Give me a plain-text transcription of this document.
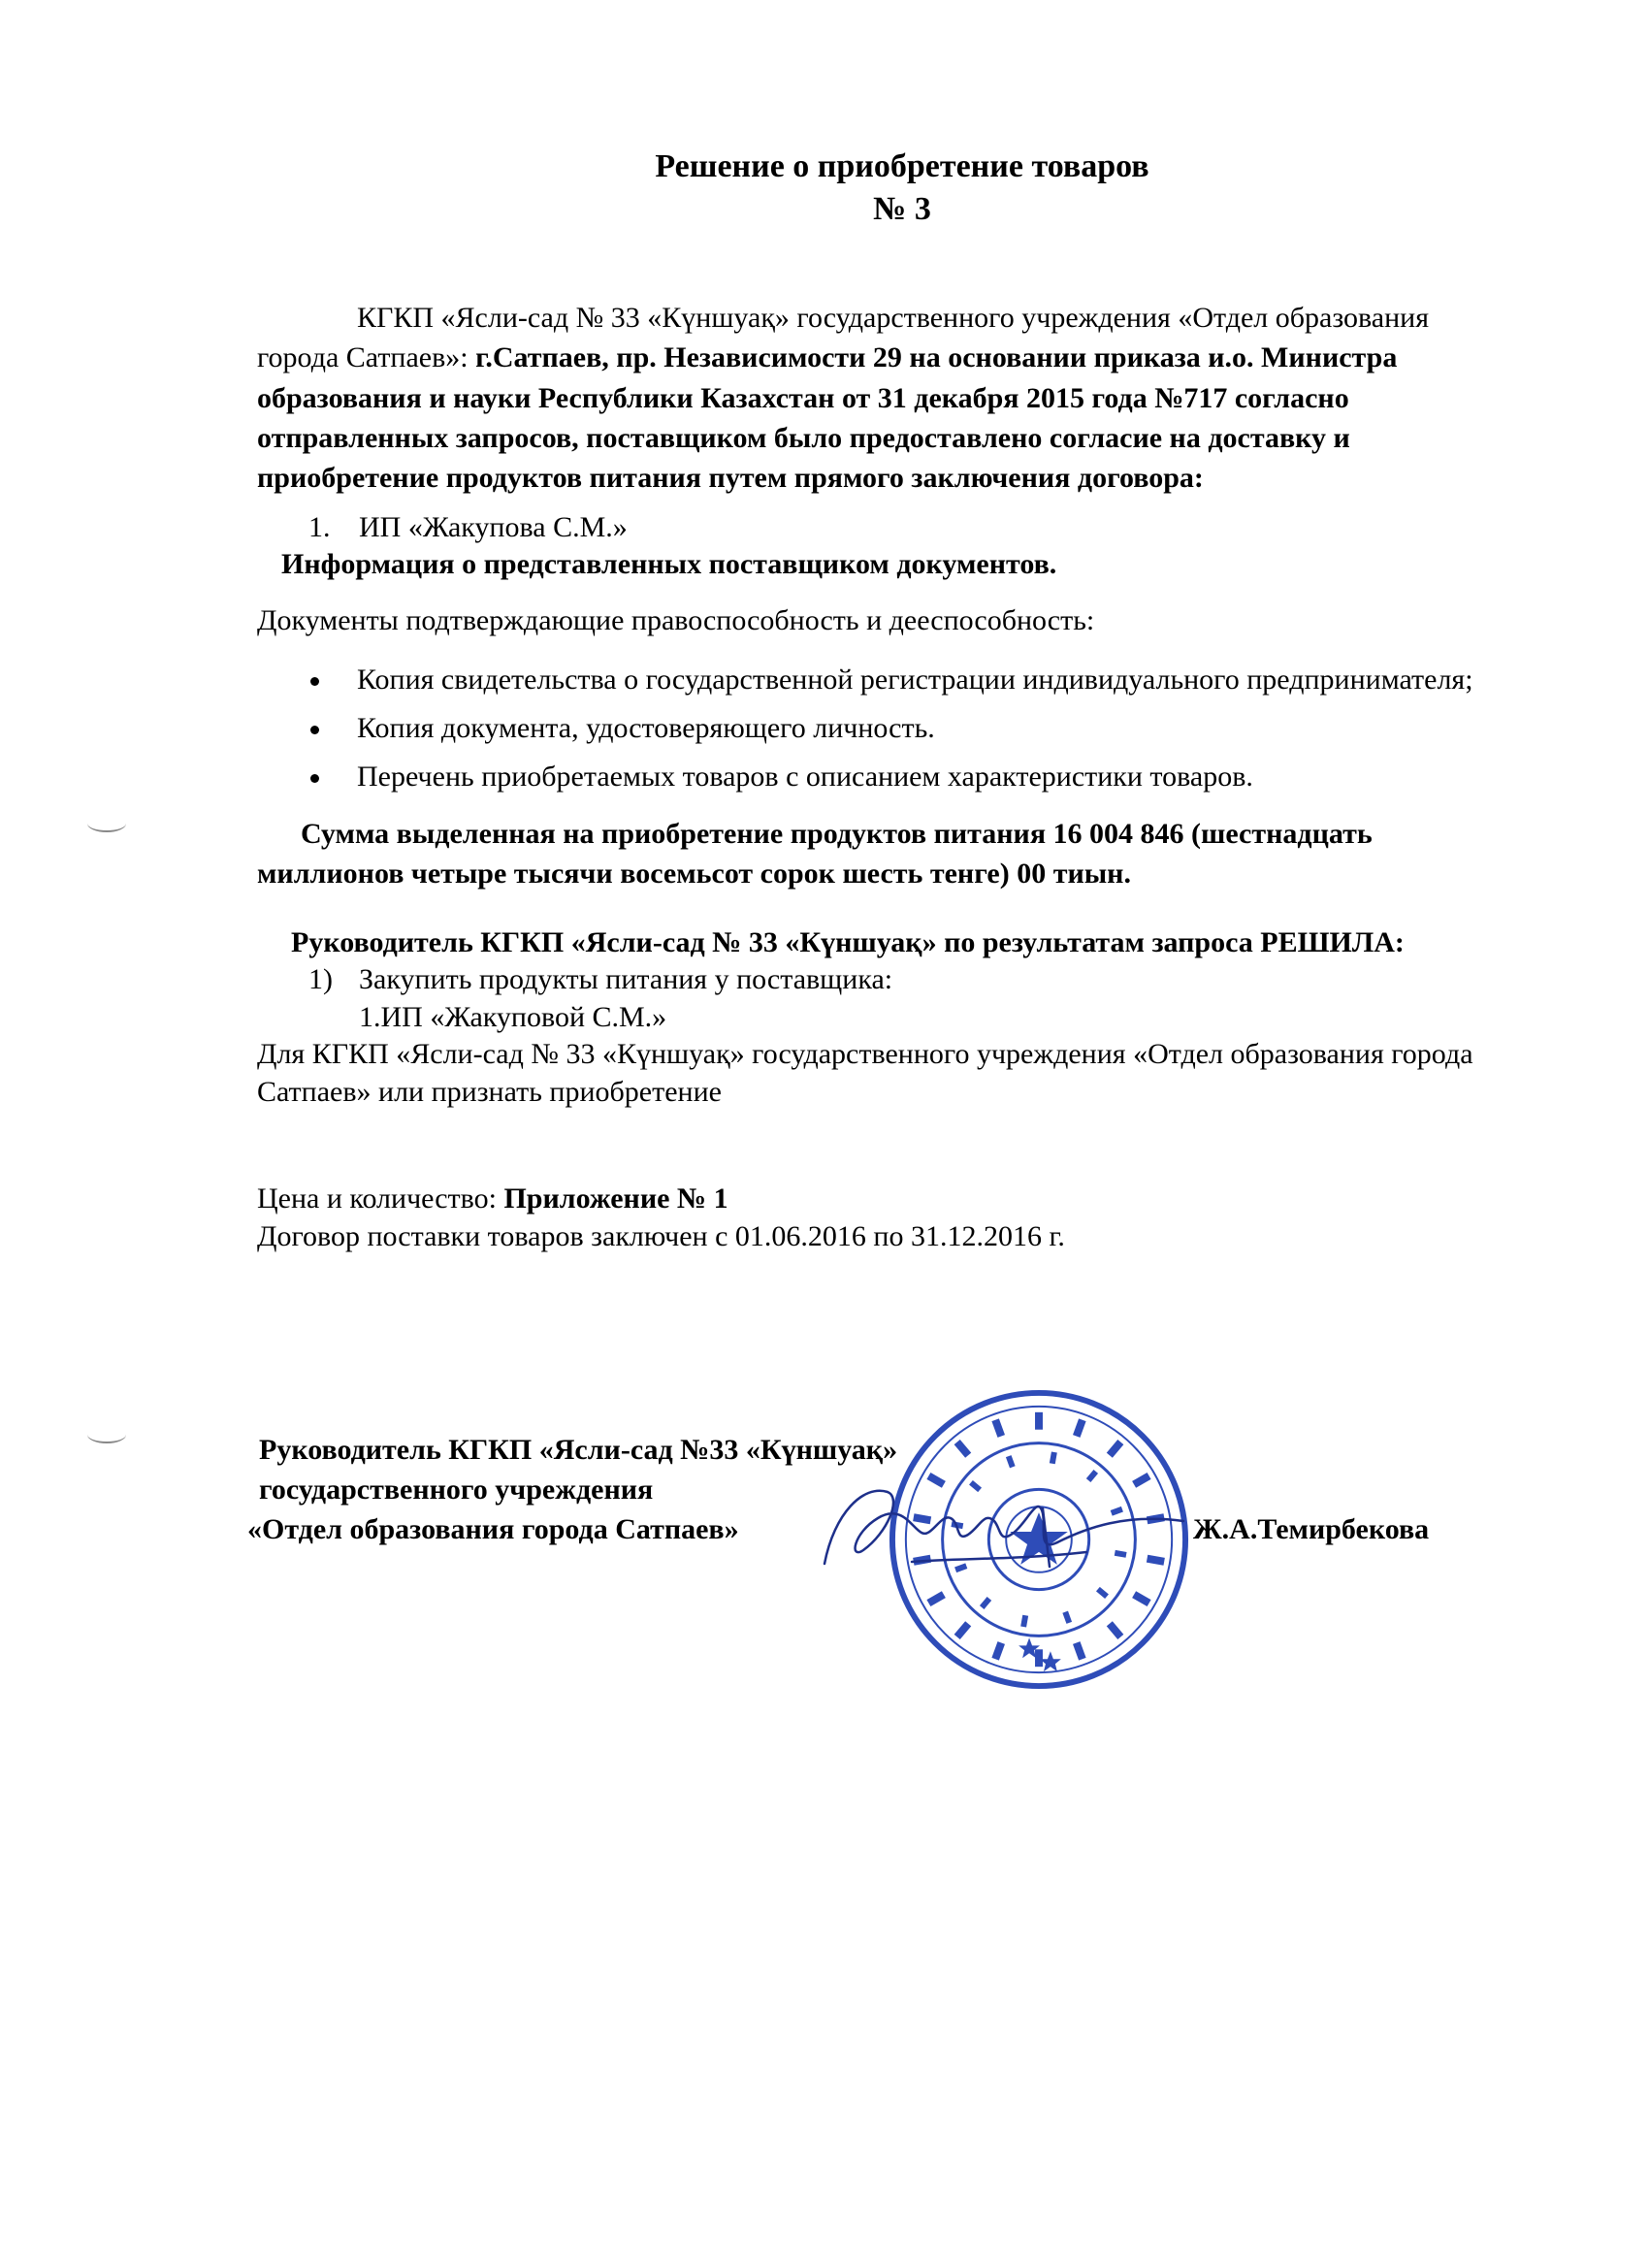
Решение о приобретение товаров
№ 3
КГКП «Ясли-сад № 33 «Күншуақ» государственного учреждения «Отдел образования
города Сатпаев»: г.Сатпаев, пр. Независимости 29 на основании приказа и.о. Министра
образования и науки Республики Казахстан от 31 декабря 2015 года №717 согласно
отправленных запросов, поставщиком было предоставлено согласие на доставку и
приобретение продуктов питания путем прямого заключения договора:
1. ИП «Жакупова С.М.»
Информация о представленных поставщиком документов.
Документы подтверждающие правоспособность и дееспособность:
Копия свидетельства о государственной регистрации индивидуального предпринимателя;
Копия документа, удостоверяющего личность.
Перечень приобретаемых товаров с описанием характеристики товаров.
Сумма выделенная на приобретение продуктов питания 16 004 846 (шестнадцать
миллионов четыре тысячи восемьсот сорок шесть тенге) 00 тиын.
Руководитель КГКП «Ясли-сад № 33 «Күншуақ» по результатам запроса РЕШИЛА:
1) Закупить продукты питания у поставщика:
1.ИП «Жакуповой С.М.»
Для КГКП «Ясли-сад № 33 «Күншуақ» государственного учреждения «Отдел образования города
Сатпаев» или признать приобретение
Цена и количество: Приложение № 1
Договор поставки товаров заключен с 01.06.2016 по 31.12.2016 г.
Руководитель КГКП «Ясли-сад №33 «Күншуақ»
государственного учреждения
«Отдел образования города Сатпаев»	Ж.А.Темирбекова
